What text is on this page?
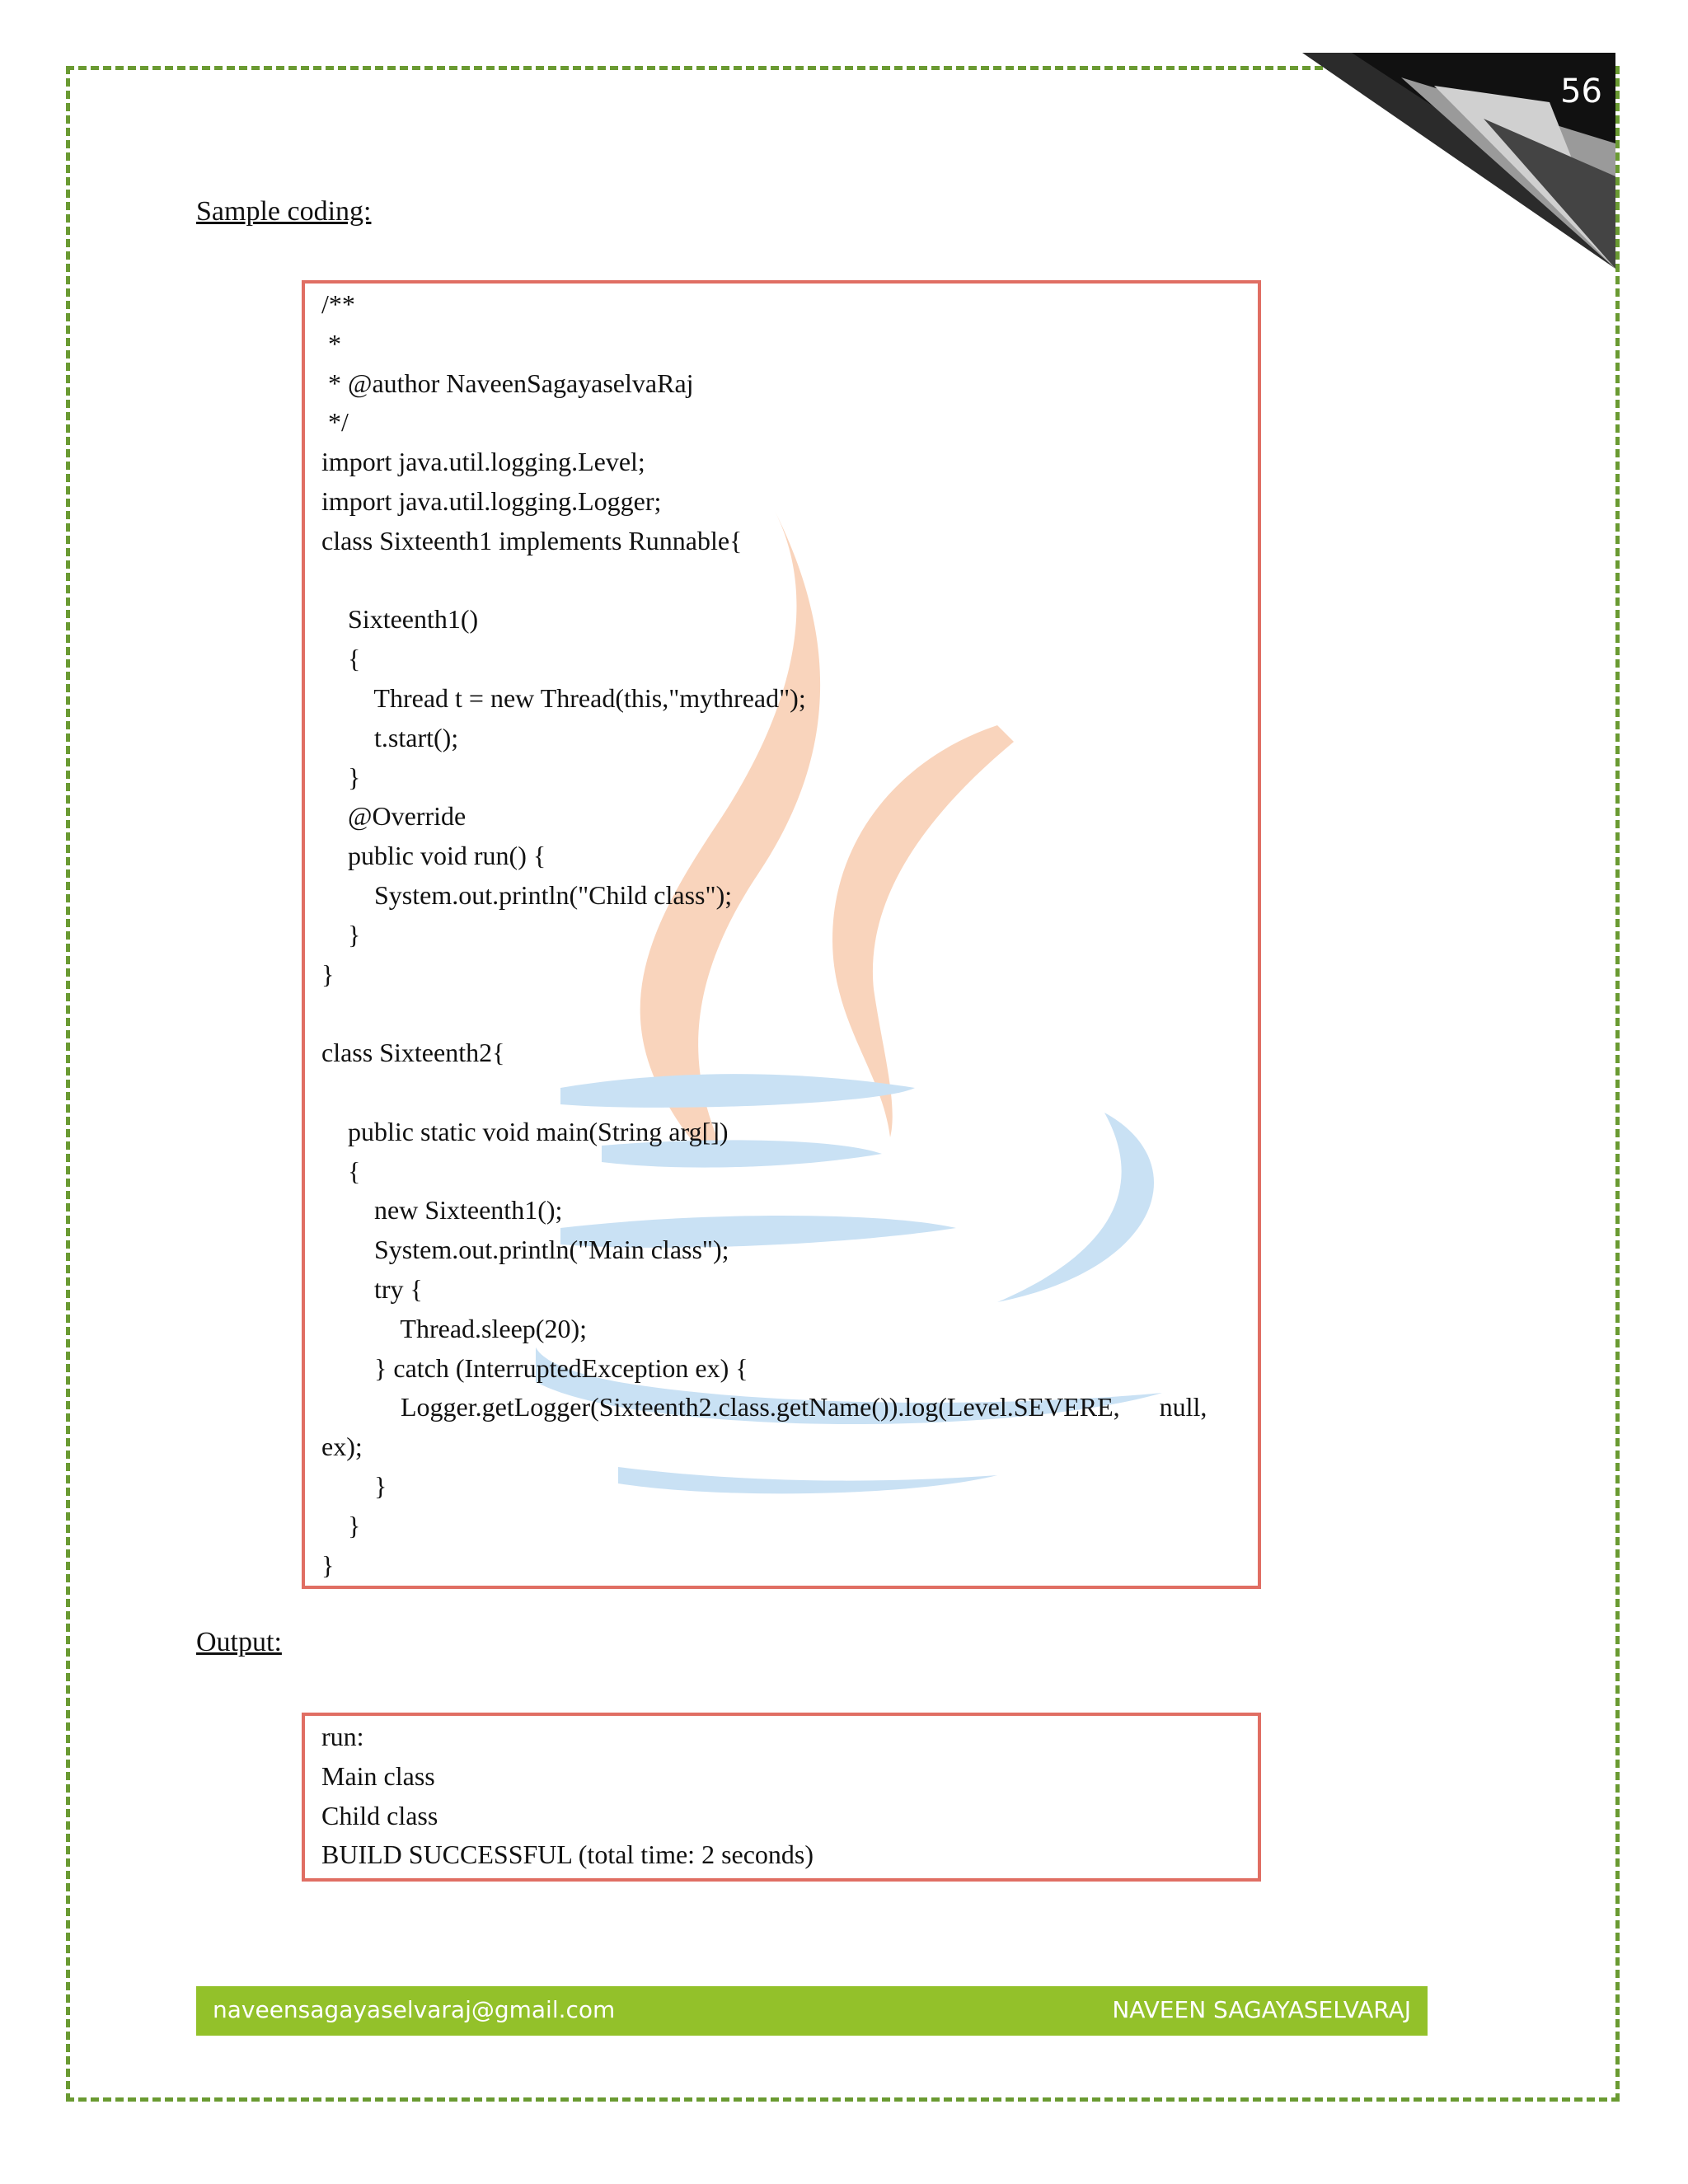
56
Sample coding:
/**
*
* @author NaveenSagayaselvaRaj
*/
import java.util.logging.Level;
import java.util.logging.Logger;
class Sixteenth1 implements Runnable{
Sixteenth1()
{
Thread t = new Thread(this,"mythread");
t.start();
}
@Override
public void run() {
System.out.println("Child class");
}
}
class Sixteenth2{
public static void main(String arg[])
{
new Sixteenth1();
System.out.println("Main class");
try {
Thread.sleep(20);
} catch (InterruptedException ex) {
Logger.getLogger(Sixteenth2.class.getName()).log(Level.SEVERE,      null,
ex);
}
}
}
Output:
run:
Main class
Child class
BUILD SUCCESSFUL (total time: 2 seconds)
naveensagayaselvaraj@gmail.com	NAVEEN SAGAYASELVARAJ
